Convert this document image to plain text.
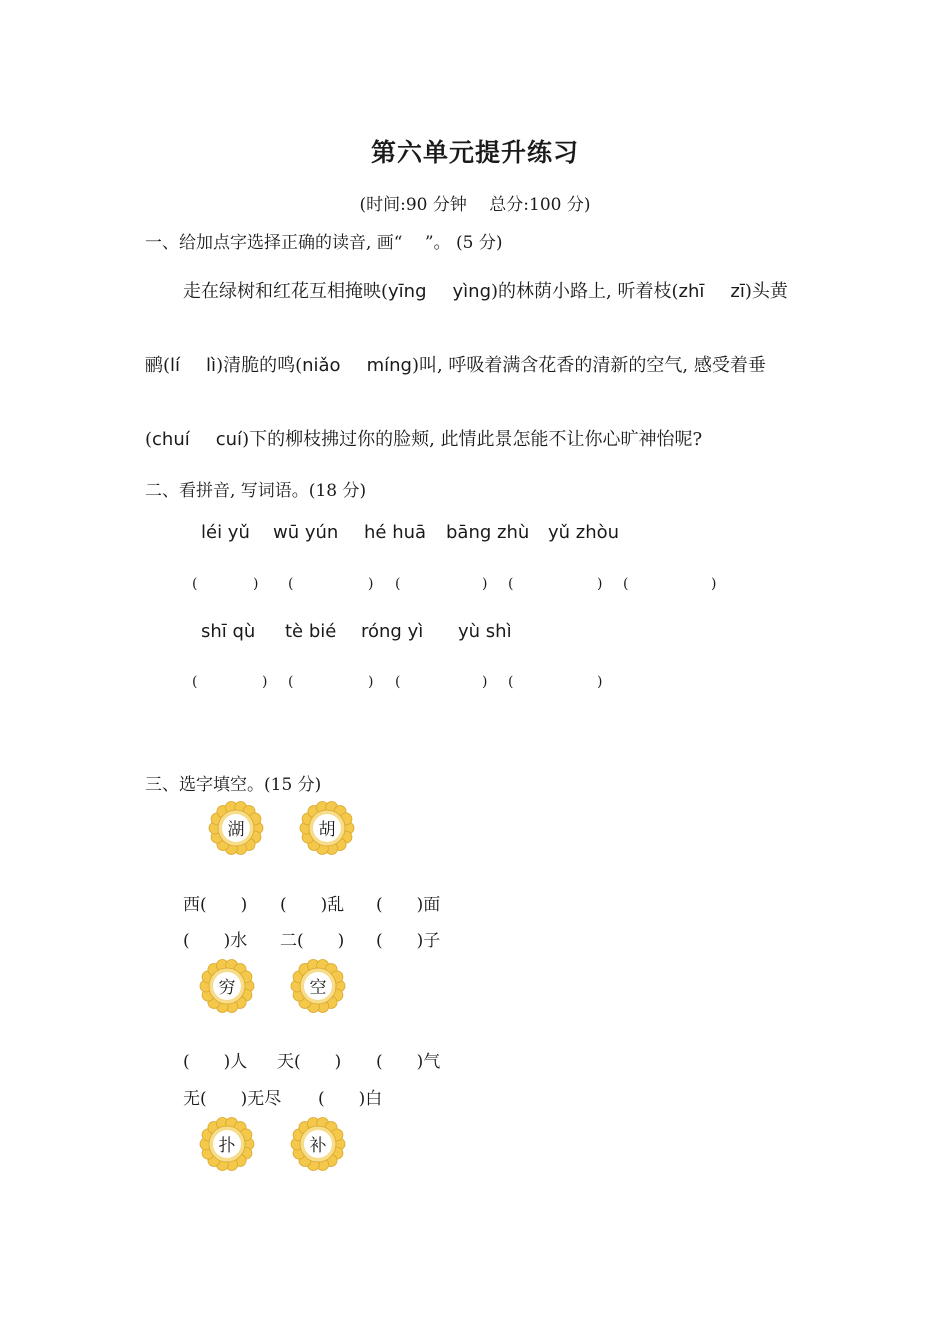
第六单元提升练习
(时间:90 分钟　 总分:100 分)
一、给加点字选择正确的读音, 画“　 ”。 (5 分)
走在绿树和红花互相掩映(yīng yìng)的林荫小路上, 听着枝(zhī zī)头黄
鹂(lí lì)清脆的鸣(niǎo míng)叫, 呼吸着满含花香的清新的空气, 感受着垂
(chuí cuí)下的柳枝拂过你的脸颊, 此情此景怎能不让你心旷神怡呢?
二、看拼音, 写词语。(18 分)
léi yǔ wū yún hé huā bāng zhù yǔ zhòu
(	) (	) (	) (	) (	)
shī qù tè bié róng yì yù shì
(	) (	) (	) (	)
三、选字填空。(15 分)
湖	胡
西(　　) (　　)乱 (　　)面
(　　)水 二(　　) (　　)子
穷	空
(　　)人 天(　　) (　　)气
无(　　)无尽 (　　)白
扑	补
